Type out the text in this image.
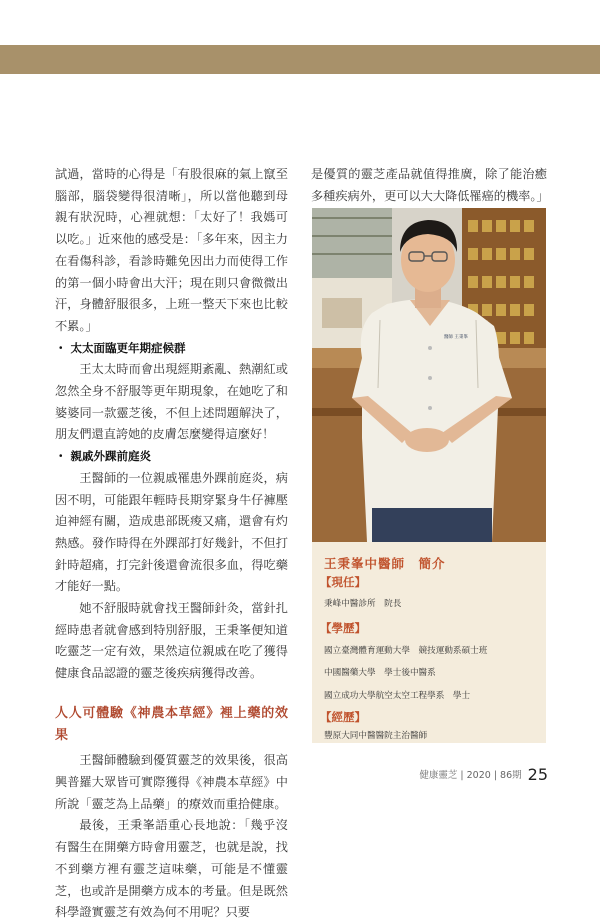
試過，當時的心得是「有股很麻的氣上竄至腦部，腦袋變得很清晰」，所以當他聽到母親有狀況時，心裡就想：「太好了！我媽可以吃。」近來他的感受是：「多年來，因主力在看傷科診，看診時難免因出力而使得工作的第一個小時會出大汗；現在則只會微微出汗，身體舒服很多，上班一整天下來也比較不累。」

・ 太太面臨更年期症候群

王太太時而會出現經期紊亂、熱潮紅或忽然全身不舒服等更年期現象，在她吃了和婆婆同一款靈芝後，不但上述問題解決了，朋友們還直誇她的皮膚怎麼變得這麼好！

・ 親戚外踝前庭炎

王醫師的一位親戚罹患外踝前庭炎，病因不明，可能跟年輕時長期穿緊身牛仔褲壓迫神經有關，造成患部既痠又痛，還會有灼熱感。發作時得在外踝部打好幾針，不但打針時超痛，打完針後還會流很多血，得吃藥才能好一點。

她不舒服時就會找王醫師針灸，當針扎經時患者就會感到特別舒服，王秉峯便知道吃靈芝一定有效，果然這位親戚在吃了獲得健康食品認證的靈芝後疾病獲得改善。

人人可體驗《神農本草經》裡上藥的效果

王醫師體驗到優質靈芝的效果後，很高興普羅大眾皆可實際獲得《神農本草經》中所說「靈芝為上品藥」的療效而重拾健康。

最後，王秉峯語重心長地說：「幾乎沒有醫生在開藥方時會用靈芝，也就是說，找不到藥方裡有靈芝這味藥，可能是不懂靈芝，也或許是開藥方成本的考量。但是既然科學證實靈芝有效為何不用呢？只要

是優質的靈芝產品就值得推廣，除了能治癒多種疾病外，更可以大大降低罹癌的機率。」
醫師 王秉峯
王秉峯中醫師　簡介
【現任】
秉峰中醫診所　院長
【學歷】
國立臺灣體育運動大學　競技運動系碩士班
中國醫藥大學　學士後中醫系
國立成功大學航空太空工程學系　學士
【經歷】
豐原大同中醫醫院主治醫師
健康靈芝 | 2020 | 86期 25
